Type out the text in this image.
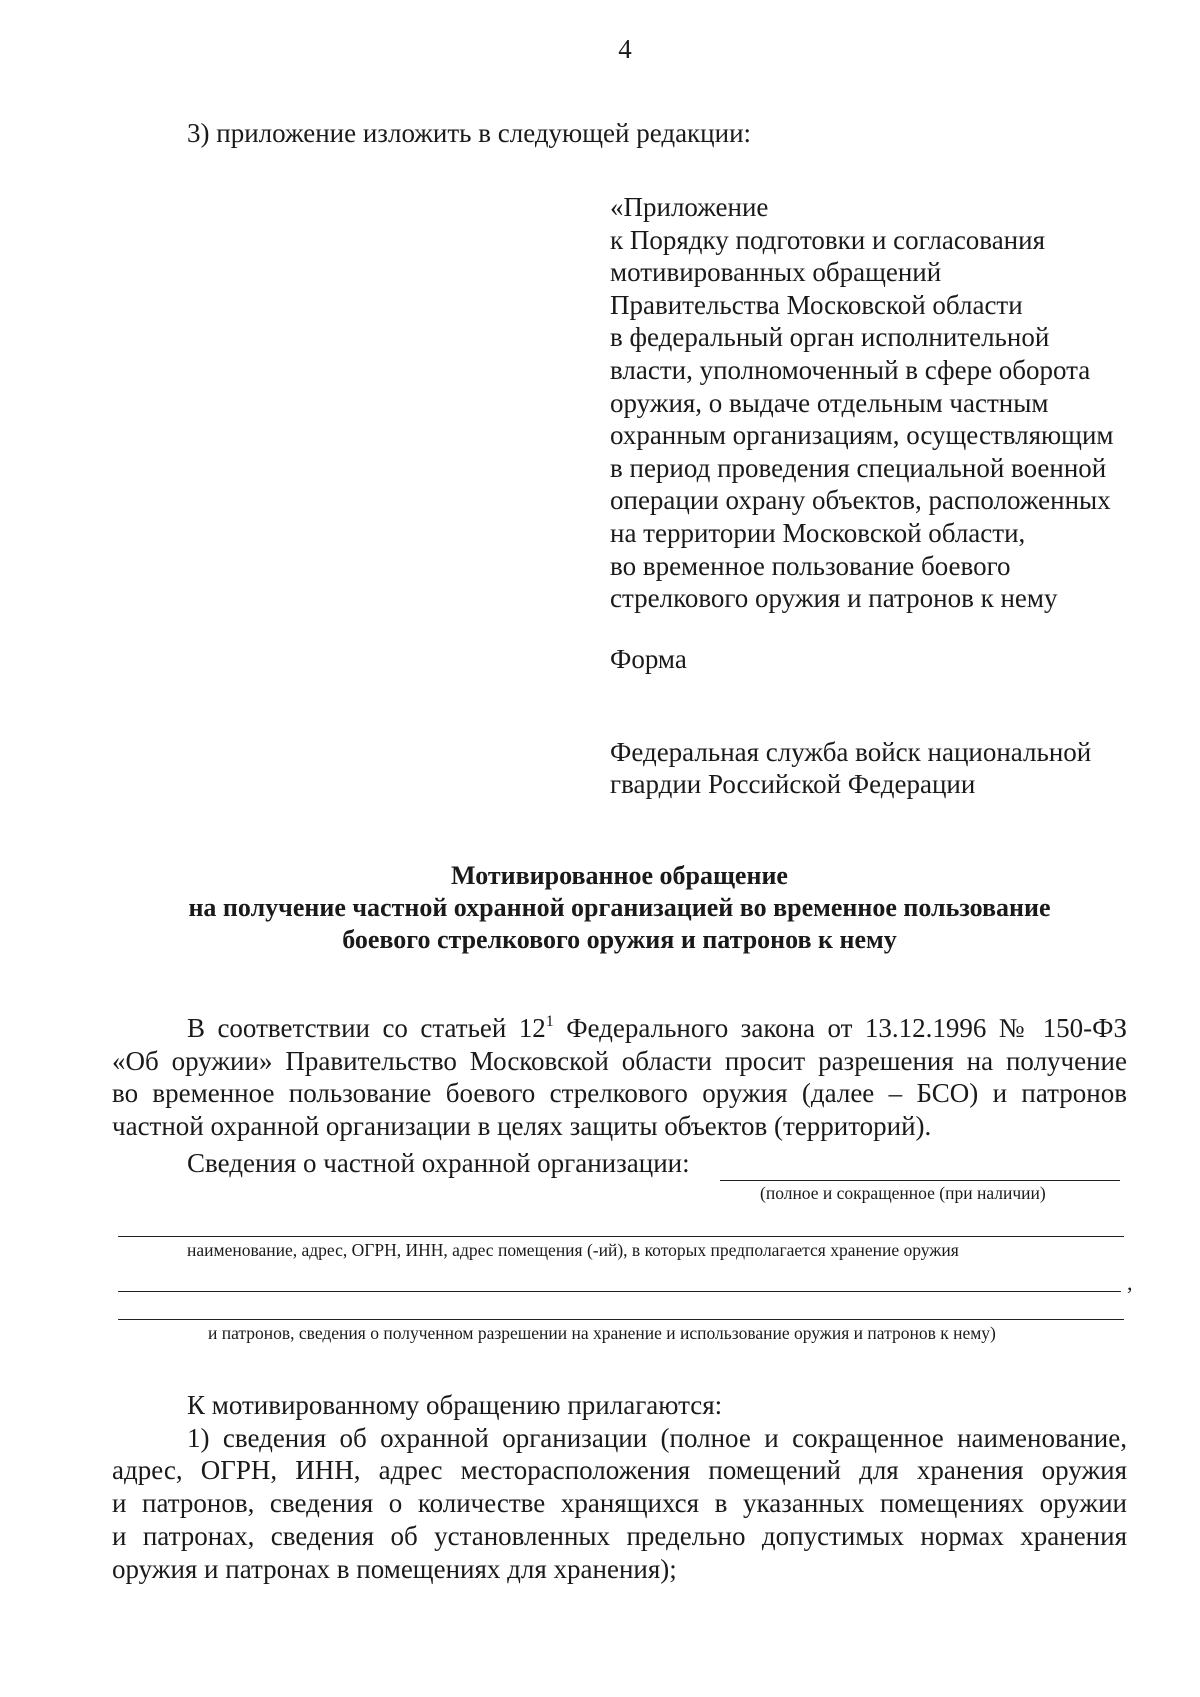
4
3) приложение изложить в следующей редакции:
«Приложение
к Порядку подготовки и согласования
мотивированных обращений
Правительства Московской области
в федеральный орган исполнительной
власти, уполномоченный в сфере оборота
оружия, о выдаче отдельным частным
охранным организациям, осуществляющим
в период проведения специальной военной
операции охрану объектов, расположенных
на территории Московской области,
во временное пользование боевого
стрелкового оружия и патронов к нему
Форма
Федеральная служба войск национальной
гвардии Российской Федерации
Мотивированное обращение
на получение частной охранной организацией во временное пользование
боевого стрелкового оружия и патронов к нему
В соответствии со статьей $12^1$ Федерального закона от 13.12.1996 № 150-ФЗ
«Об оружии» Правительство Московской области просит разрешения на получение
во временное пользование боевого стрелкового оружия (далее – БСО) и патронов
частной охранной организации в целях защиты объектов (территорий).
Сведения о частной охранной организации:
(полное и сокращенное (при наличии)
наименование, адрес, ОГРН, ИНН, адрес помещения (-ий), в которых предполагается хранение оружия
,
и патронов, сведения о полученном разрешении на хранение и использование оружия и патронов к нему)
К мотивированному обращению прилагаются:
1) сведения об охранной организации (полное и сокращенное наименование,
адрес, ОГРН, ИНН, адрес месторасположения помещений для хранения оружия
и патронов, сведения о количестве хранящихся в указанных помещениях оружии
и патронах, сведения об установленных предельно допустимых нормах хранения
оружия и патронах в помещениях для хранения);
